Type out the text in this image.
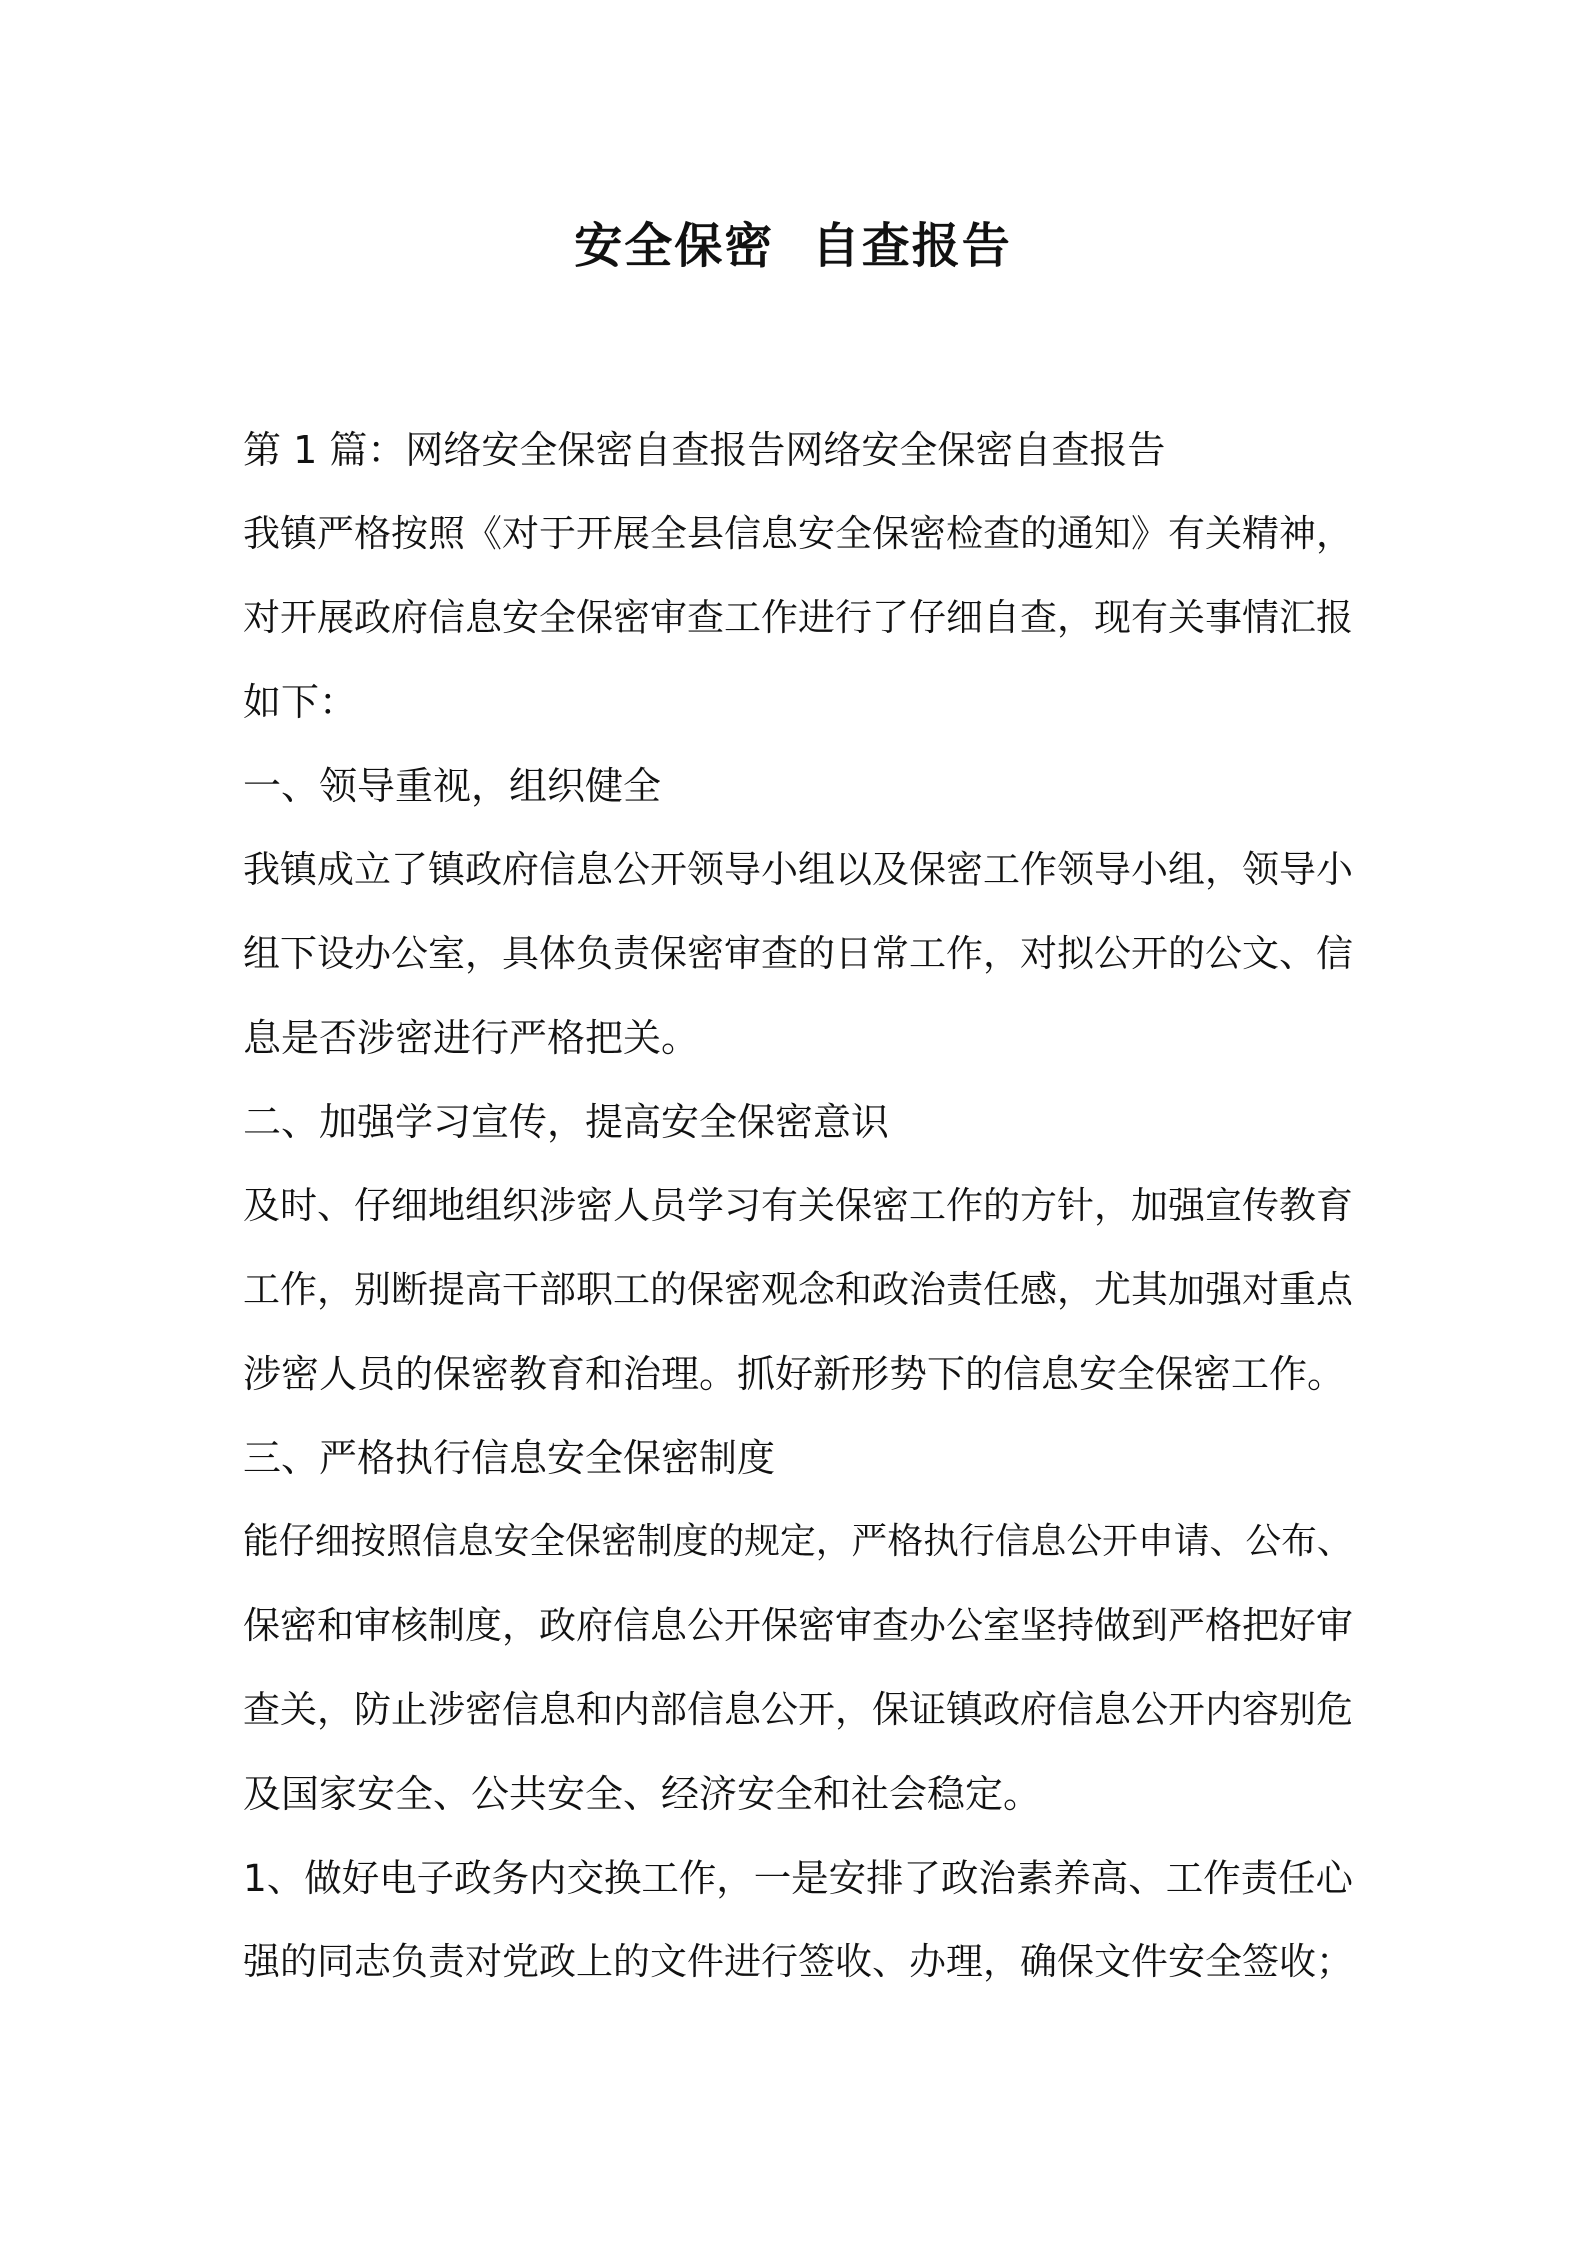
安全保密  自查报告
第 1 篇：网络安全保密自查报告网络安全保密自查报告
我镇严格按照《对于开展全县信息安全保密检查的通知》有关精神，
对开展政府信息安全保密审查工作进行了仔细自查，现有关事情汇报
如下：
一、领导重视，组织健全
我镇成立了镇政府信息公开领导小组以及保密工作领导小组，领导小
组下设办公室，具体负责保密审查的日常工作，对拟公开的公文、信
息是否涉密进行严格把关。
二、加强学习宣传，提高安全保密意识
及时、仔细地组织涉密人员学习有关保密工作的方针，加强宣传教育
工作，别断提高干部职工的保密观念和政治责任感，尤其加强对重点
涉密人员的保密教育和治理。抓好新形势下的信息安全保密工作。
三、严格执行信息安全保密制度
能仔细按照信息安全保密制度的规定，严格执行信息公开申请、公布、
保密和审核制度，政府信息公开保密审查办公室坚持做到严格把好审
查关，防止涉密信息和内部信息公开，保证镇政府信息公开内容别危
及国家安全、公共安全、经济安全和社会稳定。
1、做好电子政务内交换工作，一是安排了政治素养高、工作责任心
强的同志负责对党政上的文件进行签收、办理，确保文件安全签收；
